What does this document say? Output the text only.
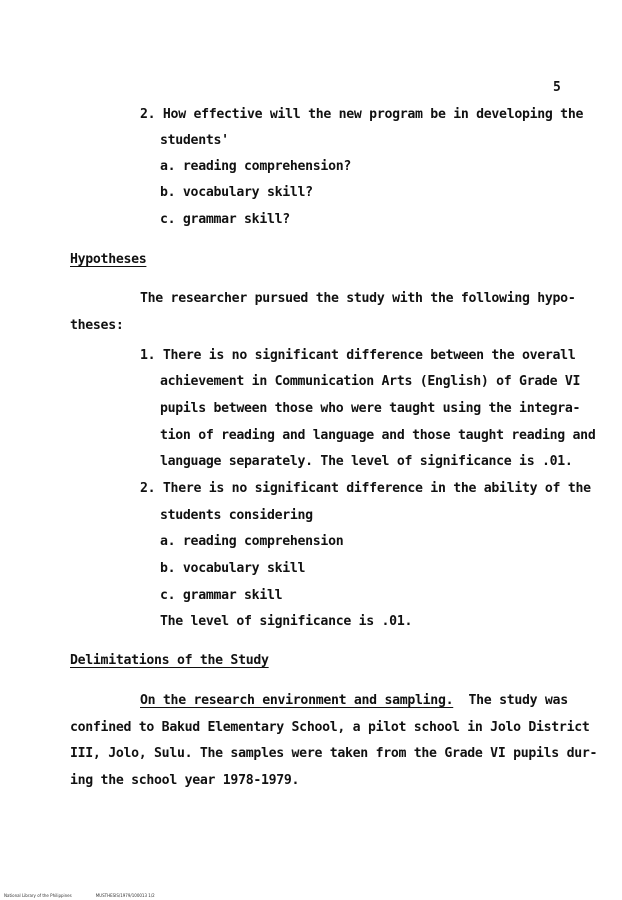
5
2. How effective will the new program be in developing the
students'
a. reading comprehension?
b. vocabulary skill?
c. grammar skill?
Hypotheses
The researcher pursued the study with the following hypo-
theses:
1. There is no significant difference between the overall
achievement in Communication Arts (English) of Grade VI
pupils between those who were taught using the integra-
tion of reading and language and those taught reading and
language separately. The level of significance is .01.
2. There is no significant difference in the ability of the
students considering
a. reading comprehension
b. vocabulary skill
c. grammar skill
The level of significance is .01.
Delimitations of the Study
On the research environment and sampling. The study was
confined to Bakud Elementary School, a pilot school in Jolo District
III, Jolo, Sulu. The samples were taken from the Grade VI pupils dur-
ing the school year 1978-1979.
National Library of the Philippines	MUSTHESIS/1979/100013 1/2
